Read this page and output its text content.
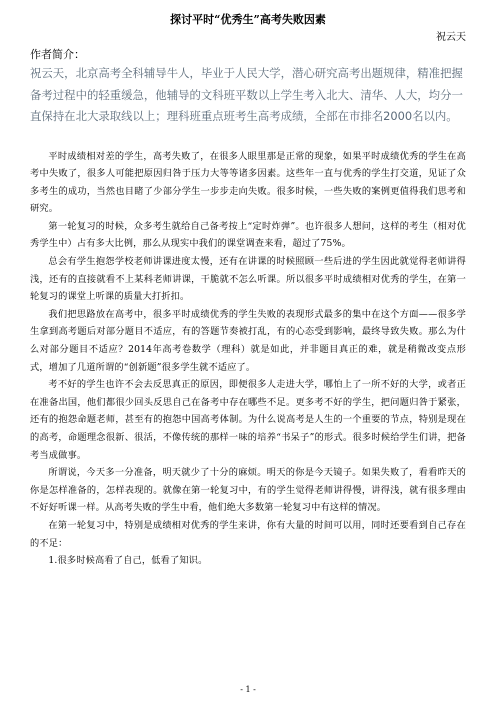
探讨平时“优秀生”高考失败因素
祝云天
作者简介：

祝云天，北京高考全科辅导牛人，毕业于人民大学，潜心研究高考出题规律，精准把握备考过程中的轻重缓急，他辅导的文科班平数以上学生考入北大、清华、人大，均分一直保持在北大录取线以上；理科班重点班考生高考成绩，全部在市排名2000名以内。

平时成绩相对差的学生，高考失败了，在很多人眼里那是正常的现象，如果平时成绩优秀的学生在高考中失败了，很多人可能把原因归咎于压力大等等诸多因素。这些年一直与优秀的学生打交道，见证了众多考生的成功，当然也目睹了少部分学生一步步走向失败。很多时候，一些失败的案例更值得我们思考和研究。

第一轮复习的时候，众多考生就给自己备考按上“定时炸弹”。也许很多人想问，这样的考生（相对优秀学生中）占有多大比例，那么从现实中我们的课堂调查来看，超过了75%。

总会有学生抱怨学校老师讲课进度太慢，还有在讲课的时候照顾一些后进的学生因此就觉得老师讲得浅，还有的直接就看不上某科老师讲课，干脆就不怎么听课。所以很多平时成绩相对优秀的学生，在第一轮复习的课堂上听课的质量大打折扣。

我们把思路放在高考中，很多平时成绩优秀的学生失败的表现形式最多的集中在这个方面——很多学生拿到高考题后对部分题目不适应，有的答题节奏被打乱，有的心态受到影响，最终导致失败。那么为什么对部分题目不适应？2014年高考卷数学（理科）就是如此，并非题目真正的难，就是稍微改变点形式，增加了几道所谓的“创新题”很多学生就不适应了。

考不好的学生也许不会去反思真正的原因，即便很多人走进大学，哪怕上了一所不好的大学，或者正在准备出国，他们都很少回头反思自己在备考中存在哪些不足。更多考不好的学生，把问题归咎于紧张，还有的抱怨命题老师，甚至有的抱怨中国高考体制。为什么说高考是人生的一个重要的节点，特别是现在的高考，命题理念很新、很活，不像传统的那样一味的培养“书呆子”的形式。很多时候给学生们讲，把备考当成做事。

所谓说，今天多一分准备，明天就少了十分的麻烦。明天的你是今天镜子。如果失败了，看看昨天的你是怎样准备的，怎样表现的。就像在第一轮复习中，有的学生觉得老师讲得慢，讲得浅，就有很多理由不好好听课一样。从高考失败的学生中看，他们绝大多数第一轮复习中有这样的情况。

在第一轮复习中，特别是成绩相对优秀的学生来讲，你有大量的时间可以用，同时还要看到自己存在的不足：

1.很多时候高看了自己，低看了知识。

- 1 -
